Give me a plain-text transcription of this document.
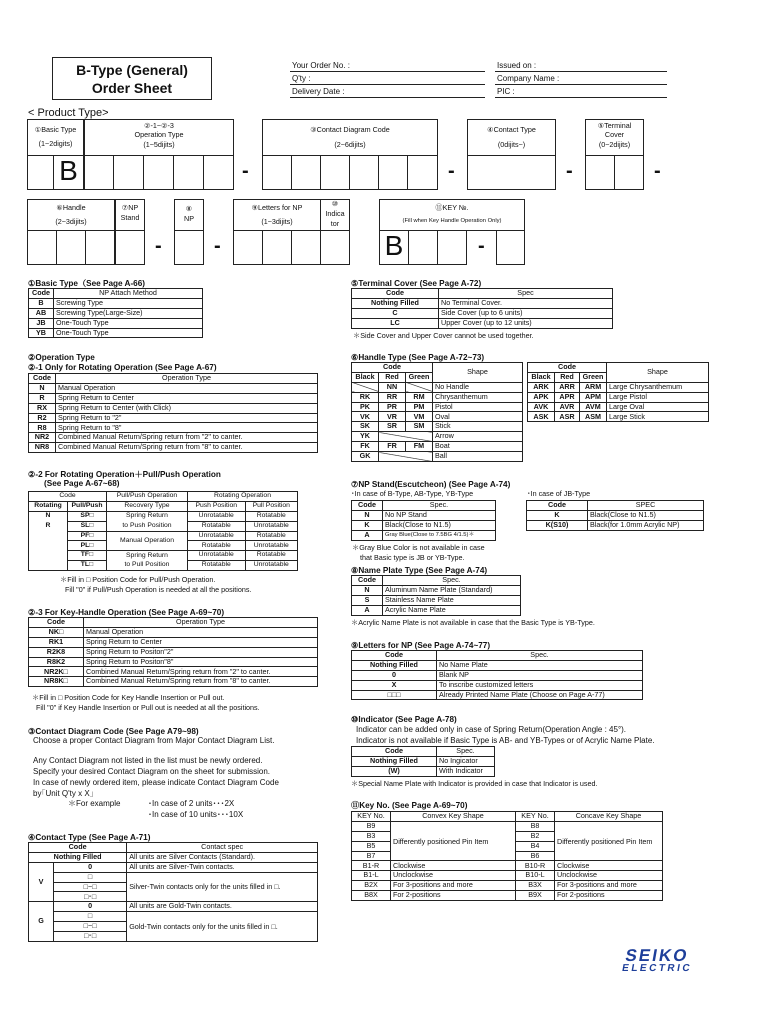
B-Type (General)
Order Sheet
Your Order No. :
Q'ty :
Delivery Date :
Issued on :
Company Name :
PIC :
< Product Type>
①Basic Type
(1~2digits)
②-1~②-3
Operation Type
(1~5dijits)
B	-
③Contact Diagram Code
(2~6dijits)
-
④Contact Type
(0dijits~)
-
⑤Terminal
Cover
(0~2dijits)
-
⑥Handle
(2~3dijits)
⑦NP
Stand
⑧
NP
⑨Letters for NP
(1~3dijits)
⑩
Indica
tor
⑪KEY №.
(Fill when Key Handle Operation Only)
-	-	B	-
①Basic Type（See Page A-66)
Code	NP Attach Method
B	Screwing Type
AB	Screwing Type(Large-Size)
JB	One-Touch Type
YB	One-Touch Type
②Operation Type
②-1 Only for Rotating Operation (See Page A-67)
Code	Operation Type
N	Manual Operation
R	Spring Return to Center
RX	Spring Return to Center (with Click)
R2	Spring Return to "2"
R8	Spring Return to "8"
NR2	Combined Manual Return/Spring return from "2" to canter.
NR8	Combined Manual Return/Spring return from "8" to canter.
②-2 For Rotating Operation＋Pull/Push Operation
(See Page A-67~68)
Code		Pull/Push Operation	Rotating Operation	
Rotating	Pull/Push	Recovery Type	Push Position	Pull Position
N	SP□	Spring Return	Unrotatable	Rotatable
R	SL□	to Push Position	Rotatable	Unrotatable
	PF□	Manual Operation	Unrotatable	Rotatable
	PL□		Rotatable	Unrotatable
	TF□	Spring Return	Unrotatable	Rotatable
	TL□	to Pull Position	Rotatable	Unrotatable
＊Fill in □ Position Code for Pull/Push Operation.
Fill "0" if Pull/Push Operation is needed at all the positions.
②-3 For Key-Handle Operation (See Page A-69~70)
Code	Operation Type
NK□	Manual Operation
RK1	Spring Return to Center
R2K8	Spring Return to Positon"2"
R8K2	Spring Return to Positon"8"
NR2K□	Combined Manual Return/Spring return from "2" to canter.
NR8K□	Combined Manual Return/Spring return from "8" to canter.
＊Fill in □ Position Code for Key Handle Insertion or Pull out.
Fill "0" if Key Handle Insertion or Pull out is needed at all the positions.
③Contact Diagram Code (See Page A79~98)
Choose a proper Contact Diagram from Major Contact Diagram List.
Any Contact Diagram not listed in the list must be newly ordered.
Specify your desired Contact Diagram on the sheet for submission.
In case of newly ordered item, please indicate Contact Diagram Code
by｢Unit Q'ty x X｣
＊For example	･In case of 2 units･･･2X
･In case of 10 units･･･10X
④Contact Type (See Page A-71)
Code		Contact spec
Nothing Filled		All units are Silver Contacts (Standard).
V	0	All units are Silver-Twin contacts.
	□	Silver-Twin contacts only for the units filled in □.
	□~□	
	□･□	
G	0	All units are Gold-Twin contacts.
	□	Gold-Twin contacts only for the units filled in □.
	□~□	
	□･□	
⑤Terminal Cover (See Page A-72)
Code	Spec
Nothing Filled	No Terminal Cover.
C	Side Cover (up to 6 units)
LC	Upper Cover (up to 12 units)
＊Side Cover and Upper Cover cannot be used together.
⑥Handle Type (See Page A-72~73)
Code			Shape
Black	Red	Green	
	NN		No Handle
RK	RR	RM	Chrysanthemum
PK	PR	PM	Pistol
VK	VR	VM	Oval
SK	SR	SM	Stick
YK			Arrow
FK	FR	FM	Boat
GK			Ball
Code			Shape
Black	Red	Green	
ARK	ARR	ARM	Large Chrysanthemum
APK	APR	APM	Large Pistol
AVK	AVR	AVM	Large Oval
ASK	ASR	ASM	Large Stick
⑦NP Stand(Escutcheon) (See Page A-74)
･In case of B-Type, AB-Type, YB-Type	･In case of JB-Type
Code	Spec.
N	No NP Stand
K	Black(Close to N1.5)
A	Gray Blue(Close to 7.5BG 4/1.5)＊
Code	SPEC
K	Black(Close to N1.5)
K(S10)	Black(for 1.0mm Acrylic NP)
＊Gray Blue Color is not available in case
that Basic type is JB or YB-Type.
⑧Name Plate Type (See Page A-74)
Code	Spec.
N	Aluminum Name Plate (Standard)
S	Stainless Name Plate
A	Acrylic Name Plate
＊Acrylic Name Plate is not available in case that the Basic Type is YB-Type.
⑨Letters for NP (See Page A-74~77)
Code	Spec.
Nothing Filled	No Name Plate
0	Blank NP
X	To inscribe customized letters
□□□	Already Printed Name Plate (Choose on Page A-77)
⑩Indicator (See Page A-78)
Indicator can be added only in case of Spring Return(Operation Angle : 45°).
Indicator is not available if Basic Type is AB- and YB-Types or of Acrylic Name Plate.
Code	Spec.
Nothing Filled	No Ingicator
(W)	With Indicator
＊Special Name Plate with Indicator is provided in case that Indicator is used.
⑪Key No. (See Page A-69~70)
KEY No.	Convex Key Shape	KEY No.	Concave Key Shape
B9	Differently positioned Pin Item	B8	Differently positioned Pin Item
B3		B2	
B5		B4	
B7		B6	
B1-R	Clockwise	B10-R	Clockwise
B1-L	Unclockwise	B10-L	Unclockwise
B2X	For 3-positions and more	B3X	For 3-positions and more
B8X	For 2-positions	B9X	For 2-positions
SEIKO
ELECTRIC
